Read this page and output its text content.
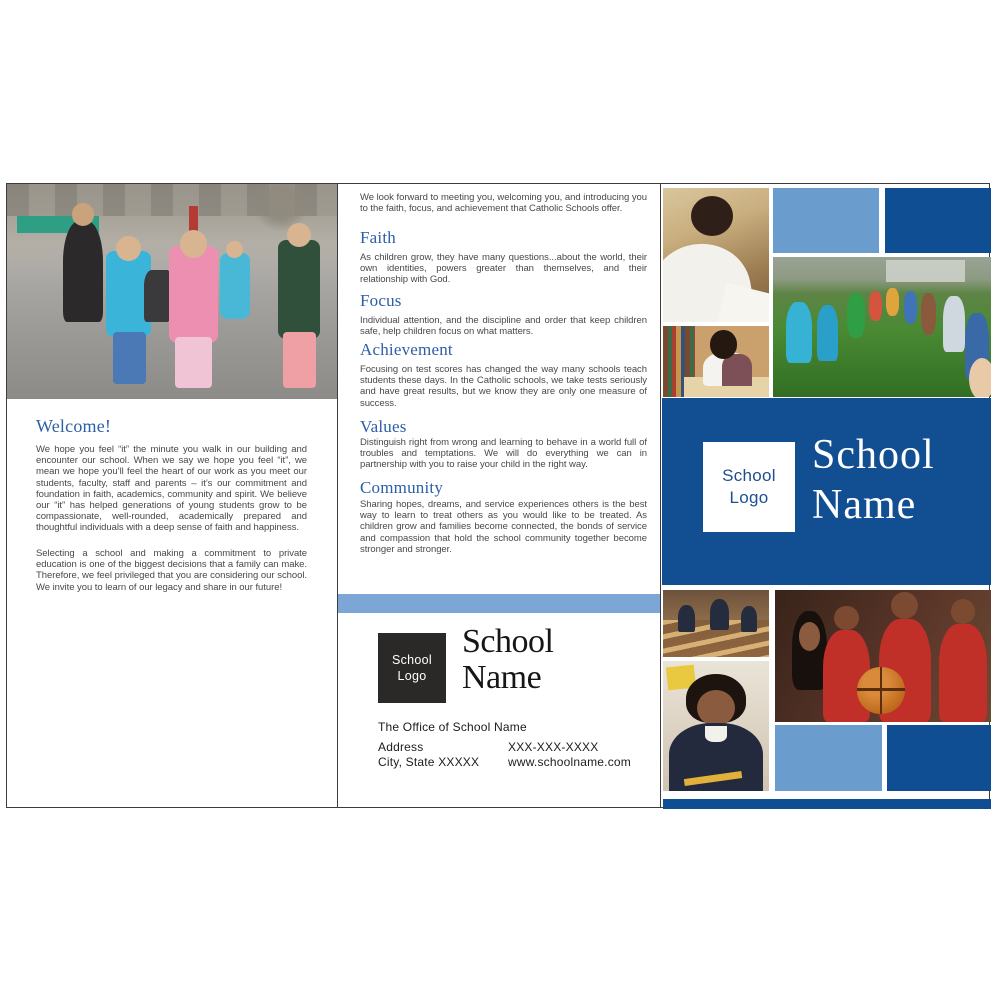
Welcome!

We hope you feel “it” the minute you walk in our building and encounter our school. When we say we hope you feel “it”, we mean we hope you’ll feel the heart of our work as you meet our students, faculty, staff and parents – it’s our commitment and foundation in faith, academics, community and spirit. We believe our “it” has helped generations of young students grow to be compassionate, well-rounded, academically prepared and thoughtful individuals with a deep sense of faith and happiness.

Selecting a school and making a commitment to private education is one of the biggest decisions that a family can make. Therefore, we feel privileged that you are considering our school. We invite you to learn of our legacy and share in our future!

We look forward to meeting you, welcoming you, and introducing you to the faith, focus, and achievement that Catholic Schools offer.

Faith

As children grow, they have many questions...about the world, their own identities, powers greater than themselves, and their relationship with God.

Focus

Individual attention, and the discipline and order that keep children safe, help children focus on what matters.

Achievement

Focusing on test scores has changed the way many schools teach students these days. In the Catholic schools, we take tests seriously and have great results, but we know they are only one measure of success.

Values

Distinguish right from wrong and learning to behave in a world full of troubles and temptations. We will do everything we can in partnership with you to raise your child in the right way.

Community

Sharing hopes, dreams, and service experiences others is the best way to learn to treat others as you would like to be treated. As children grow and families become connected, the bonds of service and compassion that hold the school community together become stronger and stronger.

School
Logo
School
Name
The Office of School Name
Address
City, State XXXXX
XXX-XXX-XXXX
www.schoolname.com
School
Logo
School
Name
